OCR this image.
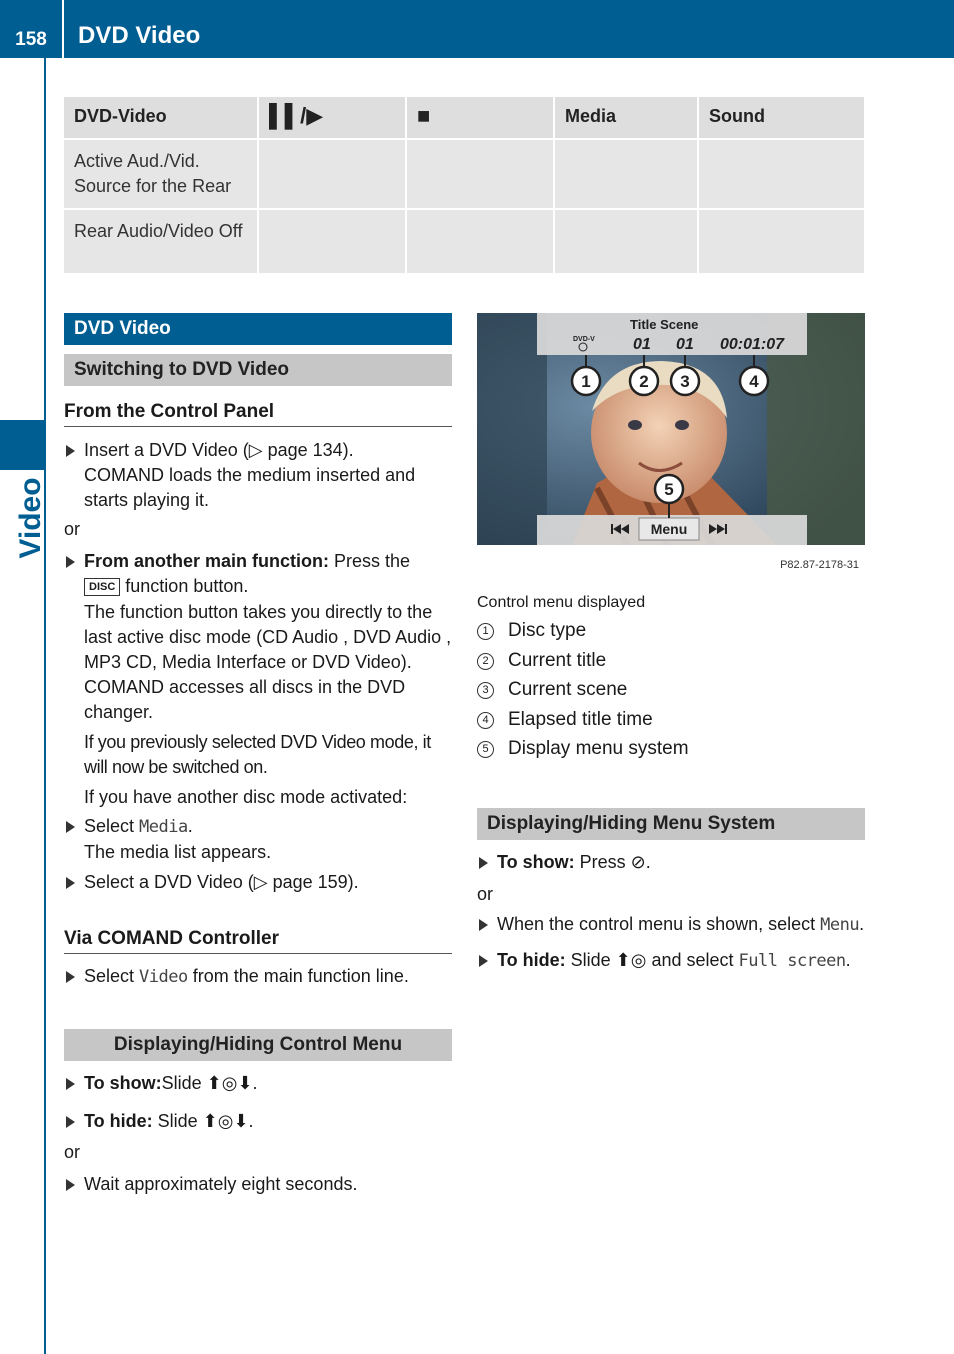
158	DVD Video
Video
DVD-Video	▌▌/▶	■	Media	Sound
Active Aud./Vid. Source for the Rear				
Rear Audio/Video Off				
DVD Video
Switching to DVD Video
From the Control Panel
Insert a DVD Video (▷ page 134).
COMAND loads the medium inserted and starts playing it.
or
From another main function: Press the
DISC function button.
The function button takes you directly to the last active disc mode (CD Audio , DVD Audio , MP3 CD, Media Interface or DVD Video). COMAND accesses all discs in the DVD changer.
If you previously selected DVD Video mode, it will now be switched on.
If you have another disc mode activated:
Select Media.
The media list appears.
Select a DVD Video (▷ page 159).
Via COMAND Controller
Select Video from the main function line.
Displaying/Hiding Control Menu
To show:Slide ⬆◎⬇.
To hide: Slide ⬆◎⬇.
or
Wait approximately eight seconds.
DVD-V
Title Scene
01 01 00:01:07
Menu
1	2 3	4
5
P82.87-2178-31
Control menu displayed
1 Disc type
2 Current title
3 Current scene
4 Elapsed title time
5 Display menu system
Displaying/Hiding Menu System
To show: Press ⊘.
or
When the control menu is shown, select Menu.
To hide: Slide ⬆◎ and select Full screen.
